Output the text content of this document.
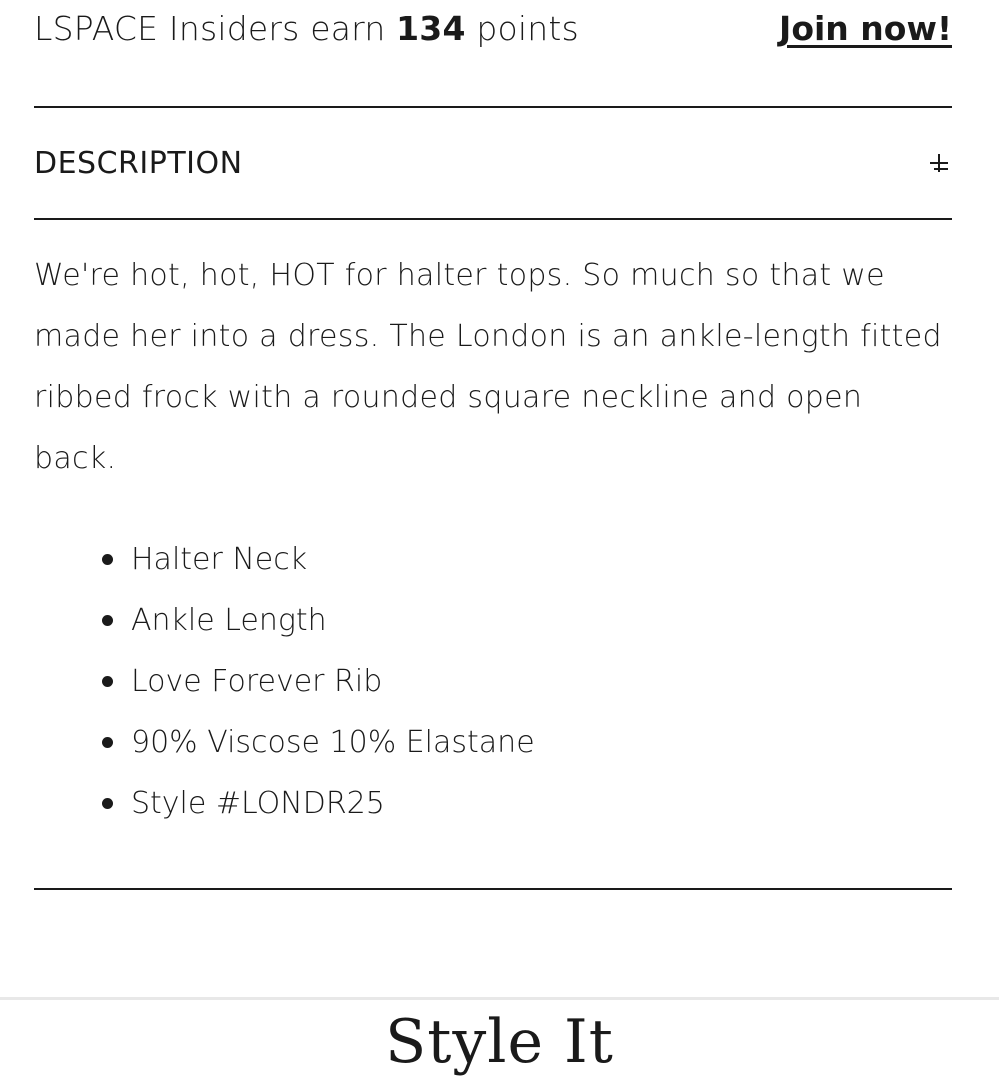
LSPACE Insiders earn 134 points	Join now!
DESCRIPTION

We're hot, hot, HOT for halter tops. So much so that we made her into a dress. The London is an ankle-length fitted ribbed frock with a rounded square neckline and open back.

Halter Neck
Ankle Length
Love Forever Rib
90% Viscose 10% Elastane
Style #LONDR25
Style It
